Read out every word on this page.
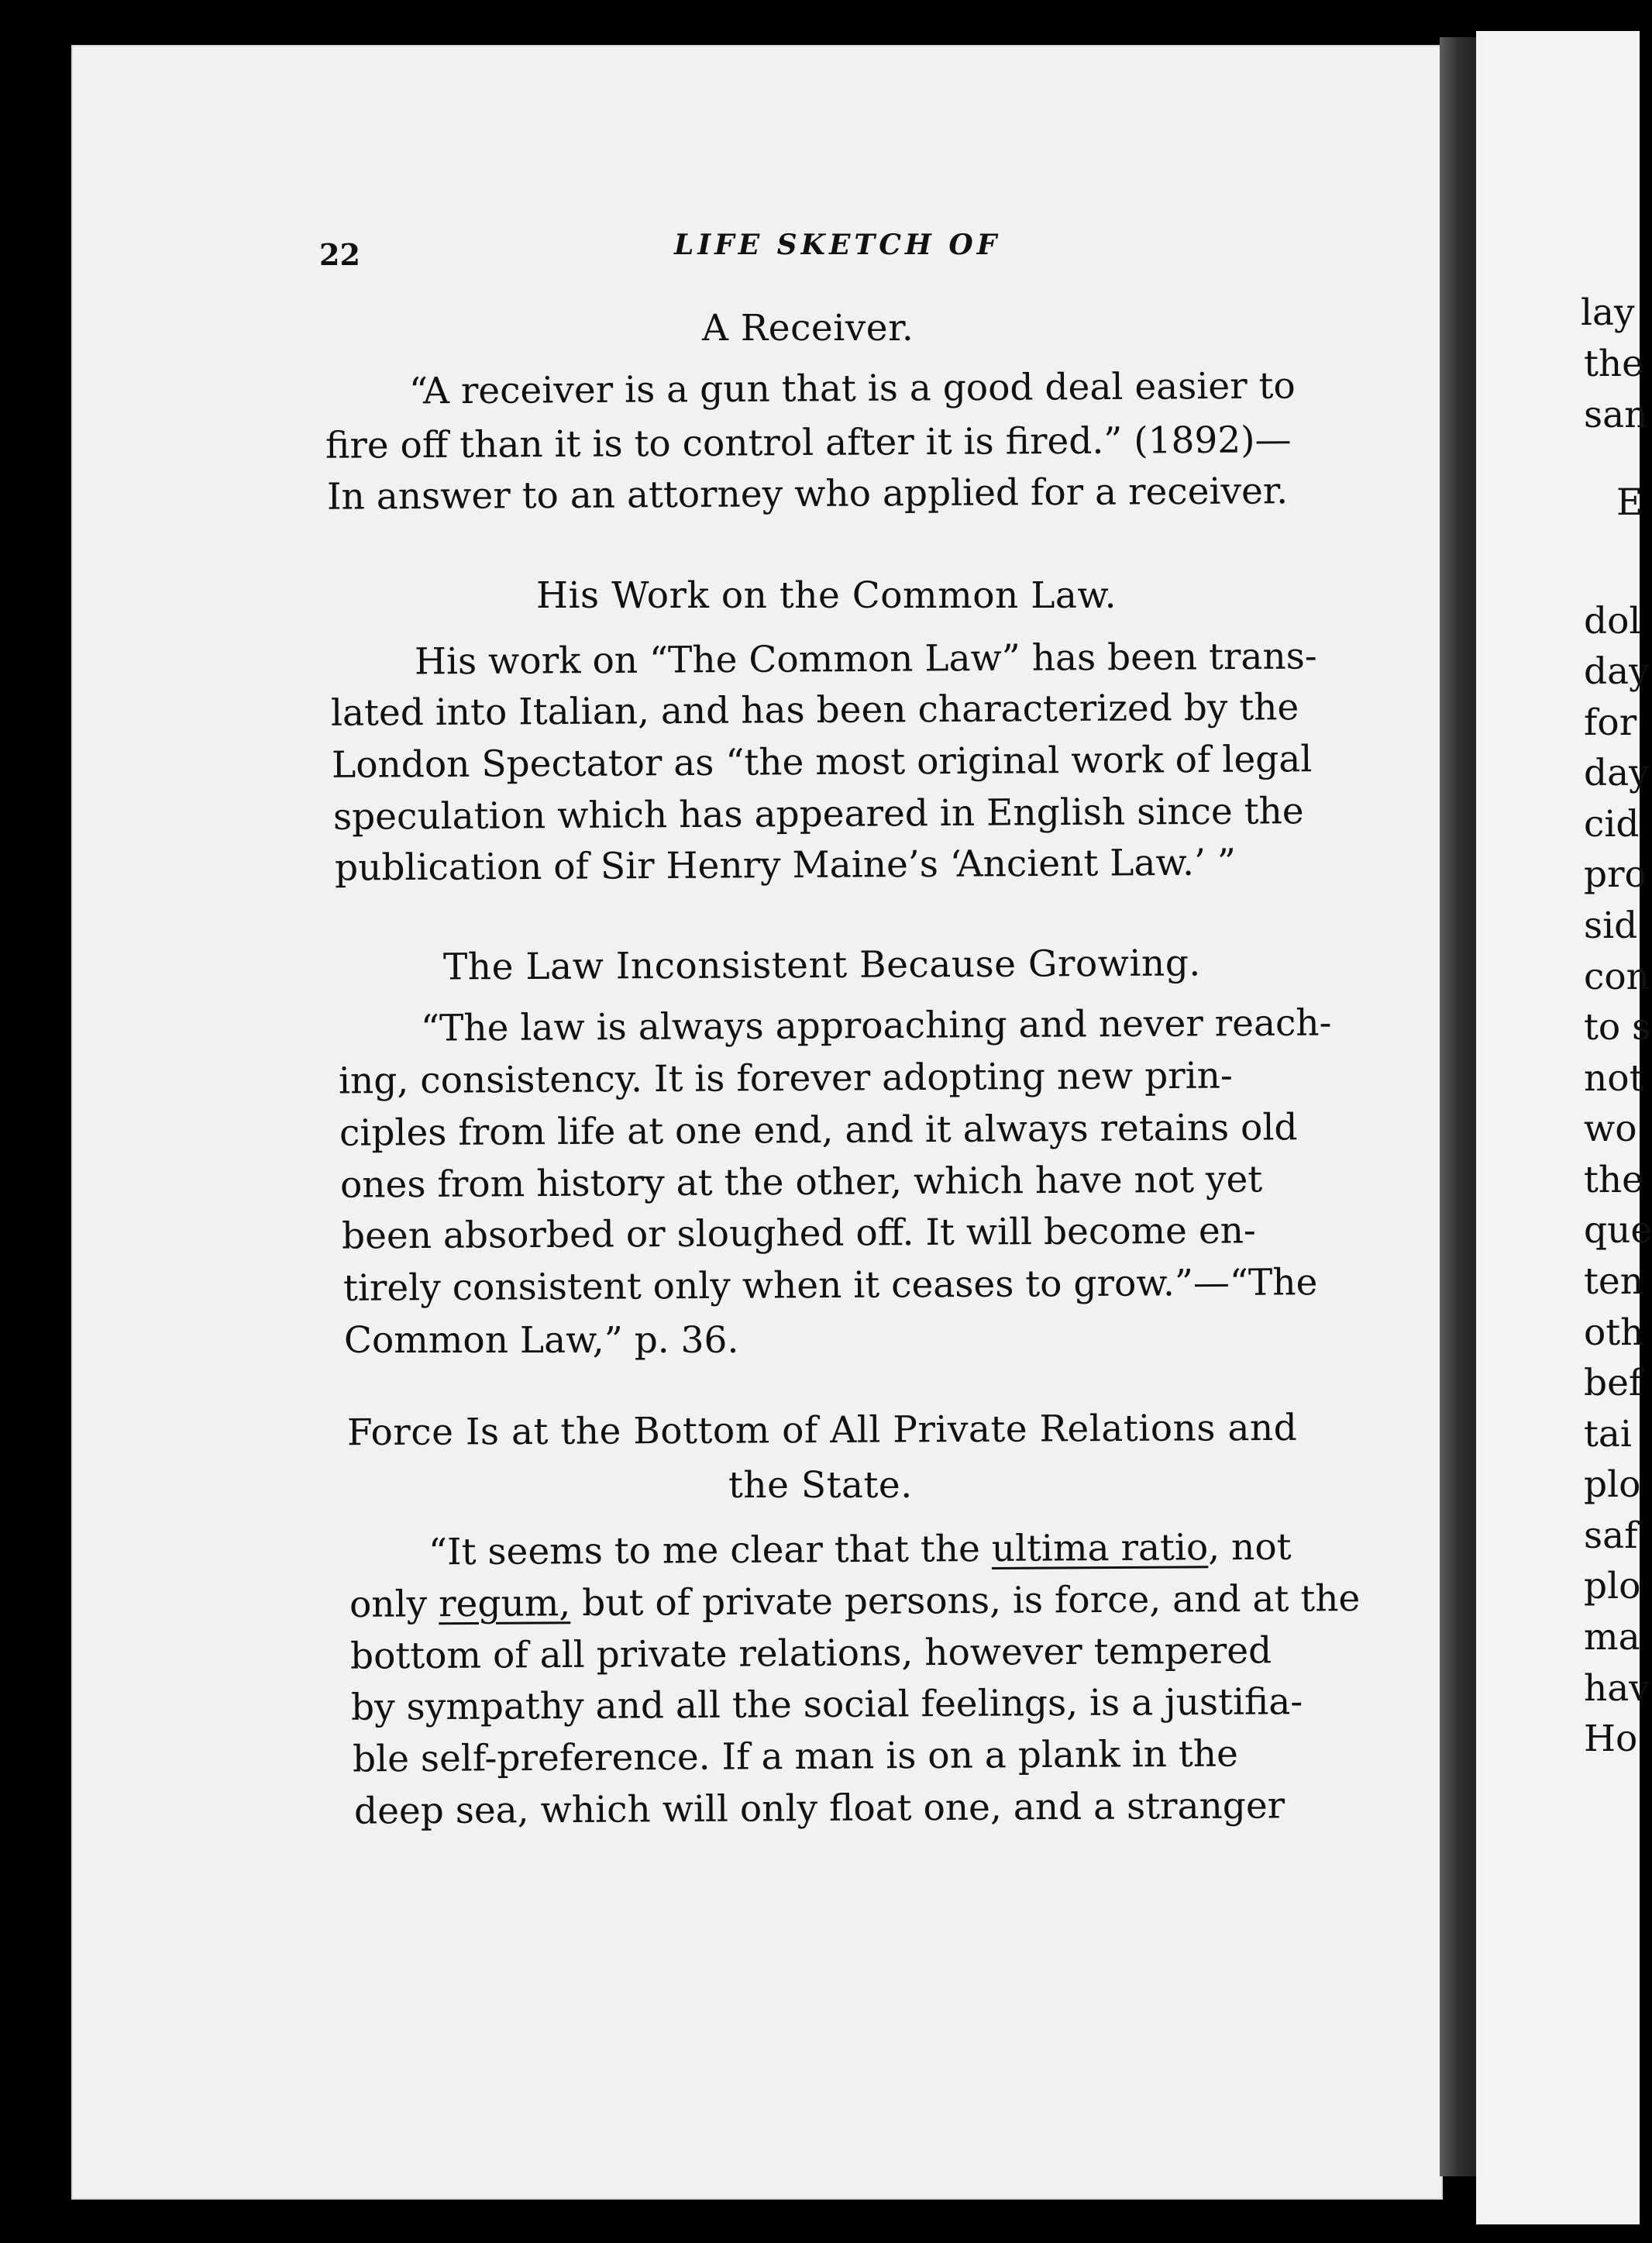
22	LIFE SKETCH OF
A Receiver.
“A receiver is a gun that is a good deal easier to
fire off than it is to control after it is fired.” (1892)—
In answer to an attorney who applied for a receiver.
His Work on the Common Law.
His work on “The Common Law” has been trans-
lated into Italian, and has been characterized by the
London Spectator as “the most original work of legal
speculation which has appeared in English since the
publication of Sir Henry Maine’s ‘Ancient Law.’ ”
The Law Inconsistent Because Growing.
“The law is always approaching and never reach-
ing, consistency. It is forever adopting new prin-
ciples from life at one end, and it always retains old
ones from history at the other, which have not yet
been absorbed or sloughed off. It will become en-
tirely consistent only when it ceases to grow.”—“The
Common Law,” p. 36.
Force Is at the Bottom of All Private Relations and
the State.
“It seems to me clear that the ultima ratio, not
only regum, but of private persons, is force, and at the
bottom of all private relations, however tempered
by sympathy and all the social feelings, is a justifia-
ble self-preference. If a man is on a plank in the
deep sea, which will only float one, and a stranger
lay
the
san
E
dol
day
for
day
cid
pro
sid
con
to s
not
wo
the
que
ten
oth
bef
tai
plo
saf
plo
ma
hav
Ho
